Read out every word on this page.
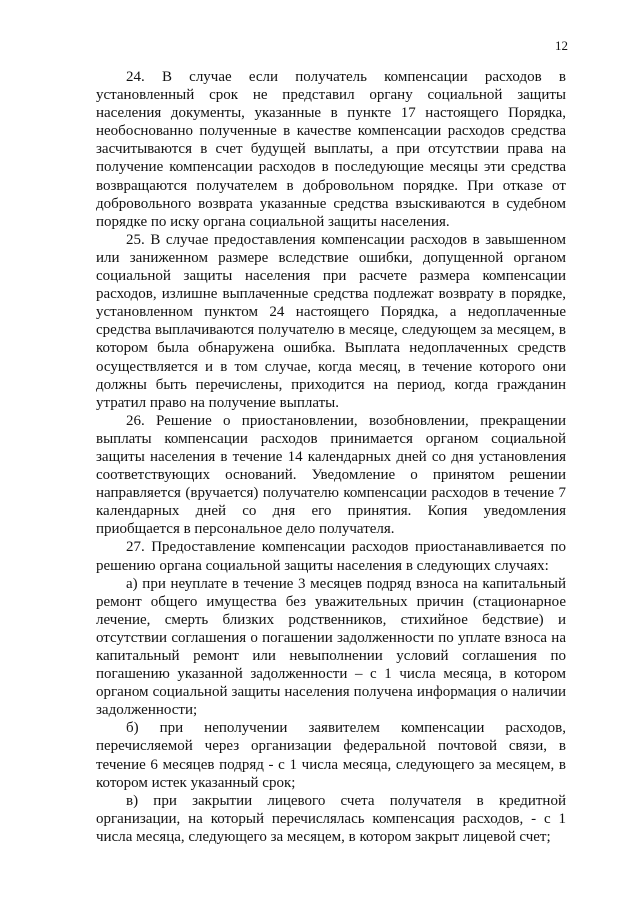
12

24. В случае если получатель компенсации расходов в установленный срок не представил органу социальной защиты населения документы, указанные в пункте 17 настоящего Порядка, необоснованно полученные в качестве компенсации расходов средства засчитываются в счет будущей выплаты, а при отсутствии права на получение компенсации расходов в последующие месяцы эти средства возвращаются получателем в добровольном порядке. При отказе от добровольного возврата указанные средства взыскиваются в судебном порядке по иску органа социальной защиты населения.

25. В случае предоставления компенсации расходов в завышенном или заниженном размере вследствие ошибки, допущенной органом социальной защиты населения при расчете размера компенсации расходов, излишне выплаченные средства подлежат возврату в порядке, установленном пунктом 24 настоящего Порядка, а недоплаченные средства выплачиваются получателю в месяце, следующем за месяцем, в котором была обнаружена ошибка. Выплата недоплаченных средств осуществляется и в том случае, когда месяц, в течение которого они должны быть перечислены, приходится на период, когда гражданин утратил право на получение выплаты.

26. Решение о приостановлении, возобновлении, прекращении выплаты компенсации расходов принимается органом социальной защиты населения в течение 14 календарных дней со дня установления соответствующих оснований. Уведомление о принятом решении направляется (вручается) получателю компенсации расходов в течение 7 календарных дней со дня его принятия. Копия уведомления приобщается в персональное дело получателя.

27. Предоставление компенсации расходов приостанавливается по решению органа социальной защиты населения в следующих случаях:

а) при неуплате в течение 3 месяцев подряд взноса на капитальный ремонт общего имущества без уважительных причин (стационарное лечение, смерть близких родственников, стихийное бедствие) и отсутствии соглашения о погашении задолженности по уплате взноса на капитальный ремонт или невыполнении условий соглашения по погашению указанной задолженности – с 1 числа месяца, в котором органом социальной защиты населения получена информация о наличии задолженности;

б) при неполучении заявителем компенсации расходов, перечисляемой через организации федеральной почтовой связи, в течение 6 месяцев подряд - с 1 числа месяца, следующего за месяцем, в котором истек указанный срок;

в) при закрытии лицевого счета получателя в кредитной организации, на который перечислялась компенсация расходов, - с 1 числа месяца, следующего за месяцем, в котором закрыт лицевой счет;
